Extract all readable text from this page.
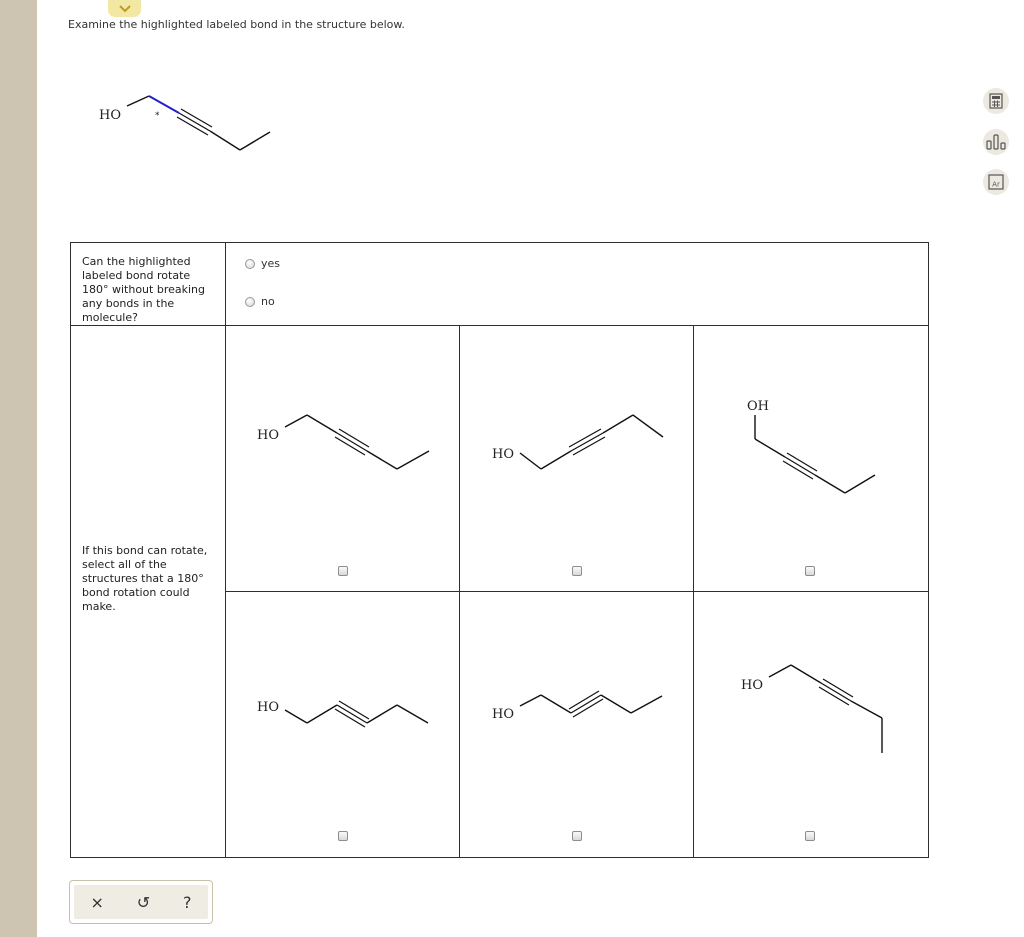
Examine the highlighted labeled bond in the structure below.
HO	*
Can the highlighted labeled bond rotate 180° without breaking any bonds in the molecule?	yes
no		

If this bond can rotate, select all of the structures that a 180° bond rotation could make.	HO	HO	OH

HO	HO	HO
× ↺ ?
Ar
